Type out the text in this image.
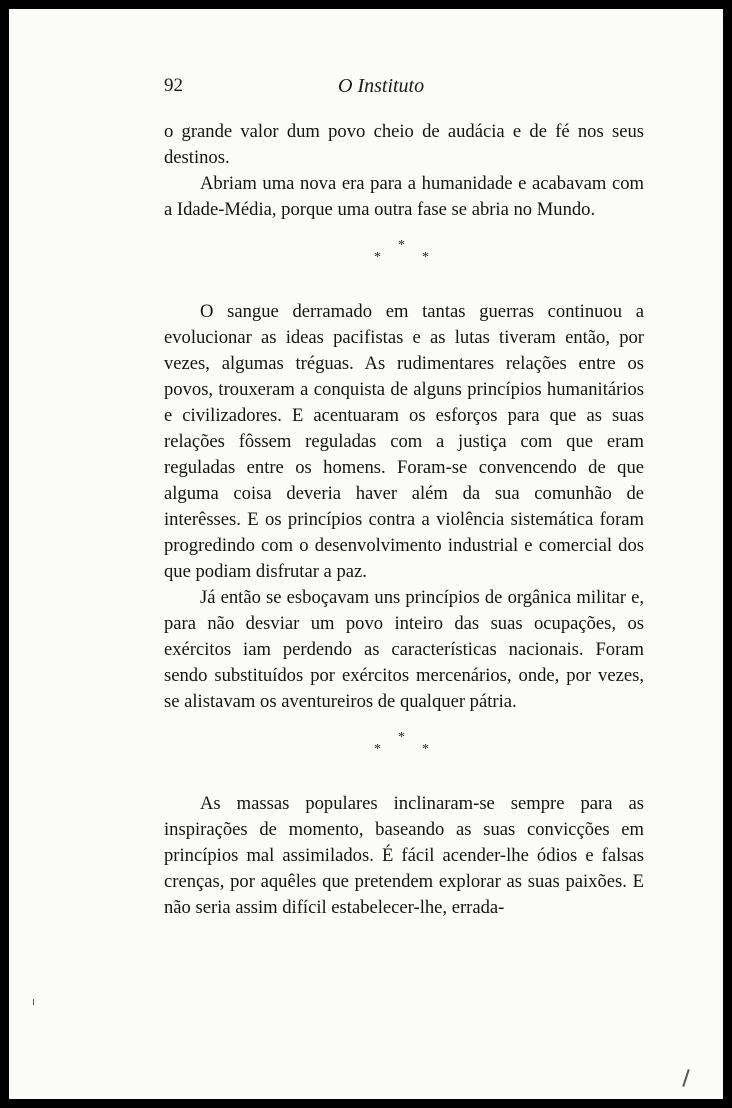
92	O Instituto

o grande valor dum povo cheio de audácia e de fé nos seus destinos.

Abriam uma nova era para a humanidade e acabavam com a Idade-Média, porque uma outra fase se abria no Mundo.

*
*	*

O sangue derramado em tantas guerras continuou a evolucionar as ideas pacifistas e as lutas tiveram então, por vezes, algumas tréguas. As rudimentares relações entre os povos, trouxeram a conquista de alguns princípios humanitários e civilizadores. E acentuaram os esforços para que as suas relações fôssem reguladas com a justiça com que eram reguladas entre os homens. Foram-se convencendo de que alguma coisa deveria haver além da sua comunhão de interêsses. E os princípios contra a violência sistemática foram progredindo com o desenvolvimento industrial e comercial dos que podiam disfrutar a paz.

Já então se esboçavam uns princípios de orgânica militar e, para não desviar um povo inteiro das suas ocupações, os exércitos iam perdendo as características nacionais. Foram sendo substituídos por exércitos mercenários, onde, por vezes, se alistavam os aventureiros de qualquer pátria.

*
*	*

As massas populares inclinaram-se sempre para as inspirações de momento, baseando as suas convicções em princípios mal assimilados. É fácil acender-lhe ódios e falsas crenças, por aquêles que pretendem explorar as suas paixões. E não seria assim difícil estabelecer-lhe, errada-
